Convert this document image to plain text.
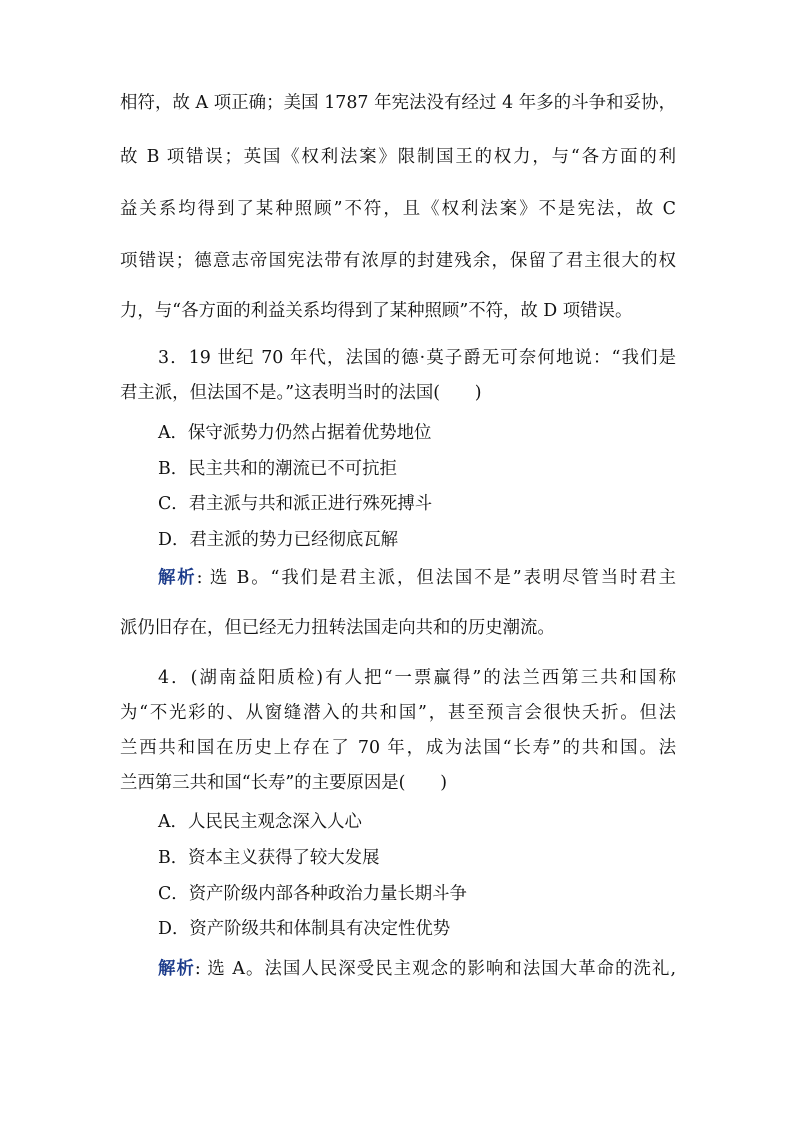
相符，故 A 项正确；美国 1787 年宪法没有经过 4 年多的斗争和妥协，
故 B 项错误；英国《权利法案》限制国王的权力，与“各方面的利
益关系均得到了某种照顾”不符，且《权利法案》不是宪法，故 C
项错误；德意志帝国宪法带有浓厚的封建残余，保留了君主很大的权
力，与“各方面的利益关系均得到了某种照顾”不符，故 D 项错误。
3．19 世纪 70 年代，法国的德·莫子爵无可奈何地说：“我们是
君主派，但法国不是。”这表明当时的法国(　　)
A．保守派势力仍然占据着优势地位
B．民主共和的潮流已不可抗拒
C．君主派与共和派正进行殊死搏斗
D．君主派的势力已经彻底瓦解
解析: 选 B。“我们是君主派，但法国不是”表明尽管当时君主
派仍旧存在，但已经无力扭转法国走向共和的历史潮流。
4．(湖南益阳质检)有人把“一票赢得”的法兰西第三共和国称
为“不光彩的、从窗缝潜入的共和国”，甚至预言会很快夭折。但法
兰西共和国在历史上存在了 70 年，成为法国“长寿”的共和国。法
兰西第三共和国“长寿”的主要原因是(　　)
A．人民民主观念深入人心
B．资本主义获得了较大发展
C．资产阶级内部各种政治力量长期斗争
D．资产阶级共和体制具有决定性优势
解析: 选 A。法国人民深受民主观念的影响和法国大革命的洗礼,
